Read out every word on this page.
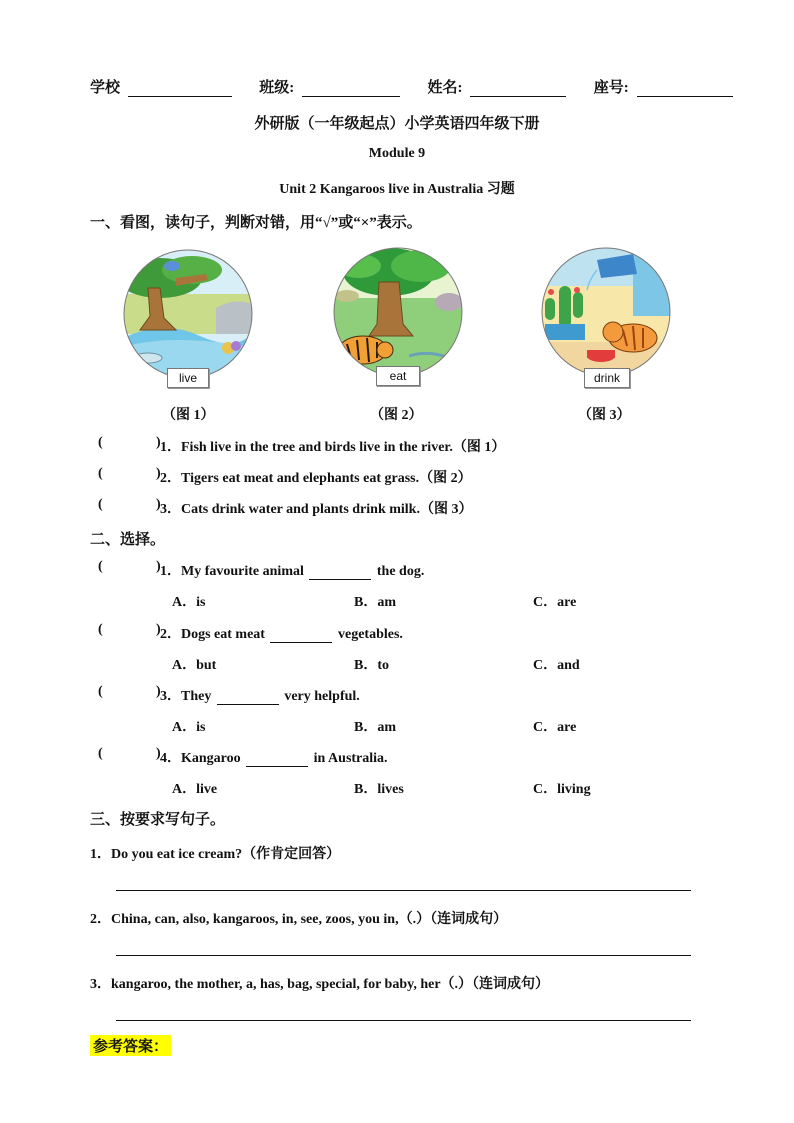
学校	班级:	姓名:	座号:
外研版（一年级起点）小学英语四年级下册
Module 9
Unit 2 Kangaroos live in Australia 习题
一、看图，读句子，判断对错，用“√”或“×”表示。
live
（图 1）
eat
（图 2）
drink
（图 3）
(	) 1．Fish live in the tree and birds live in the river.（图 1）
(	) 2．Tigers eat meat and elephants eat grass.（图 2）
(	) 3．Cats drink water and plants drink milk.（图 3）
二、选择。
(	) 1．My favourite animal	the dog.
A．is	B．am	C．are
(	) 2．Dogs eat meat	vegetables.
A．but	B．to	C．and
(	) 3．They	very helpful.
A．is	B．am	C．are
(	) 4．Kangaroo	in Australia.
A．live	B．lives	C．living
三、按要求写句子。
1．Do you eat ice cream?（作肯定回答）
2．China, can, also, kangaroos, in, see, zoos, you in,（.）（连词成句）
3．kangaroo, the mother, a, has, bag, special, for baby, her（.）（连词成句）
参考答案：
